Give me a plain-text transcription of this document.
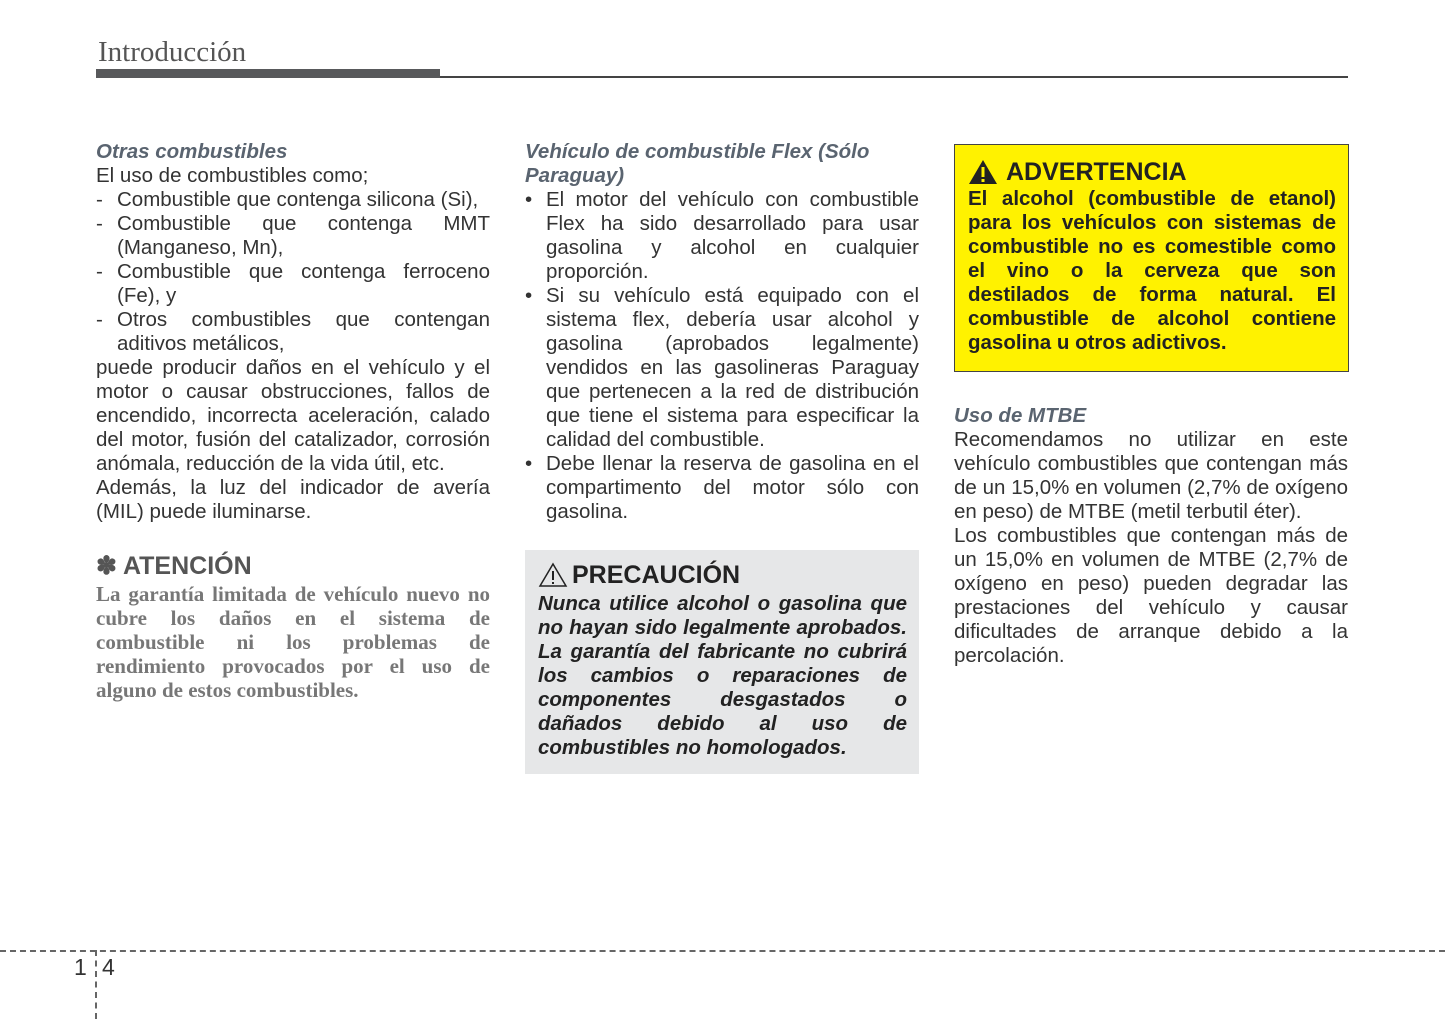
Introducción
Otras combustibles

El uso de combustibles como;

- Combustible que contenga silicona (Si),
- Combustible que contenga MMT (Manganeso, Mn),
- Combustible que contenga ferroceno (Fe), y
- Otros combustibles que contengan aditivos metálicos,

puede producir daños en el vehículo y el motor o causar obstrucciones, fallos de encendido, incorrecta aceleración, calado del motor, fusión del catalizador, corrosión anómala, reducción de la vida útil, etc.

Además, la luz del indicador de avería (MIL) puede iluminarse.

✽ ATENCIÓN
La garantía limitada de vehículo nuevo no cubre los daños en el sistema de combustible ni los problemas de rendimiento provocados por el uso de alguno de estos combustibles.
Vehículo de combustible Flex (Sólo Paraguay)
• El motor del vehículo con combustible Flex ha sido desarrollado para usar gasolina y alcohol en cualquier proporción.
• Si su vehículo está equipado con el sistema flex, debería usar alcohol y gasolina (aprobados legalmente) vendidos en las gasolineras Paraguay que pertenecen a la red de distribución que tiene el sistema para especificar la calidad del combustible.
• Debe llenar la reserva de gasolina en el compartimento del motor sólo con gasolina.
PRECAUCIÓN
Nunca utilice alcohol o gasolina que no hayan sido legalmente aprobados. La garantía del fabricante no cubrirá los cambios o reparaciones de componentes desgastados o dañados debido al uso de combustibles no homologados.
ADVERTENCIA
El alcohol (combustible de etanol) para los vehículos con sistemas de combustible no es comestible como el vino o la cerveza que son destilados de forma natural. El combustible de alcohol contiene gasolina u otros adictivos.
Uso de MTBE

Recomendamos no utilizar en este vehículo combustibles que contengan más de un 15,0% en volumen (2,7% de oxígeno en peso) de MTBE (metil terbutil éter).

Los combustibles que contengan más de un 15,0% en volumen de MTBE (2,7% de oxígeno en peso) pueden degradar las prestaciones del vehículo y causar dificultades de arranque debido a la percolación.

1 4
